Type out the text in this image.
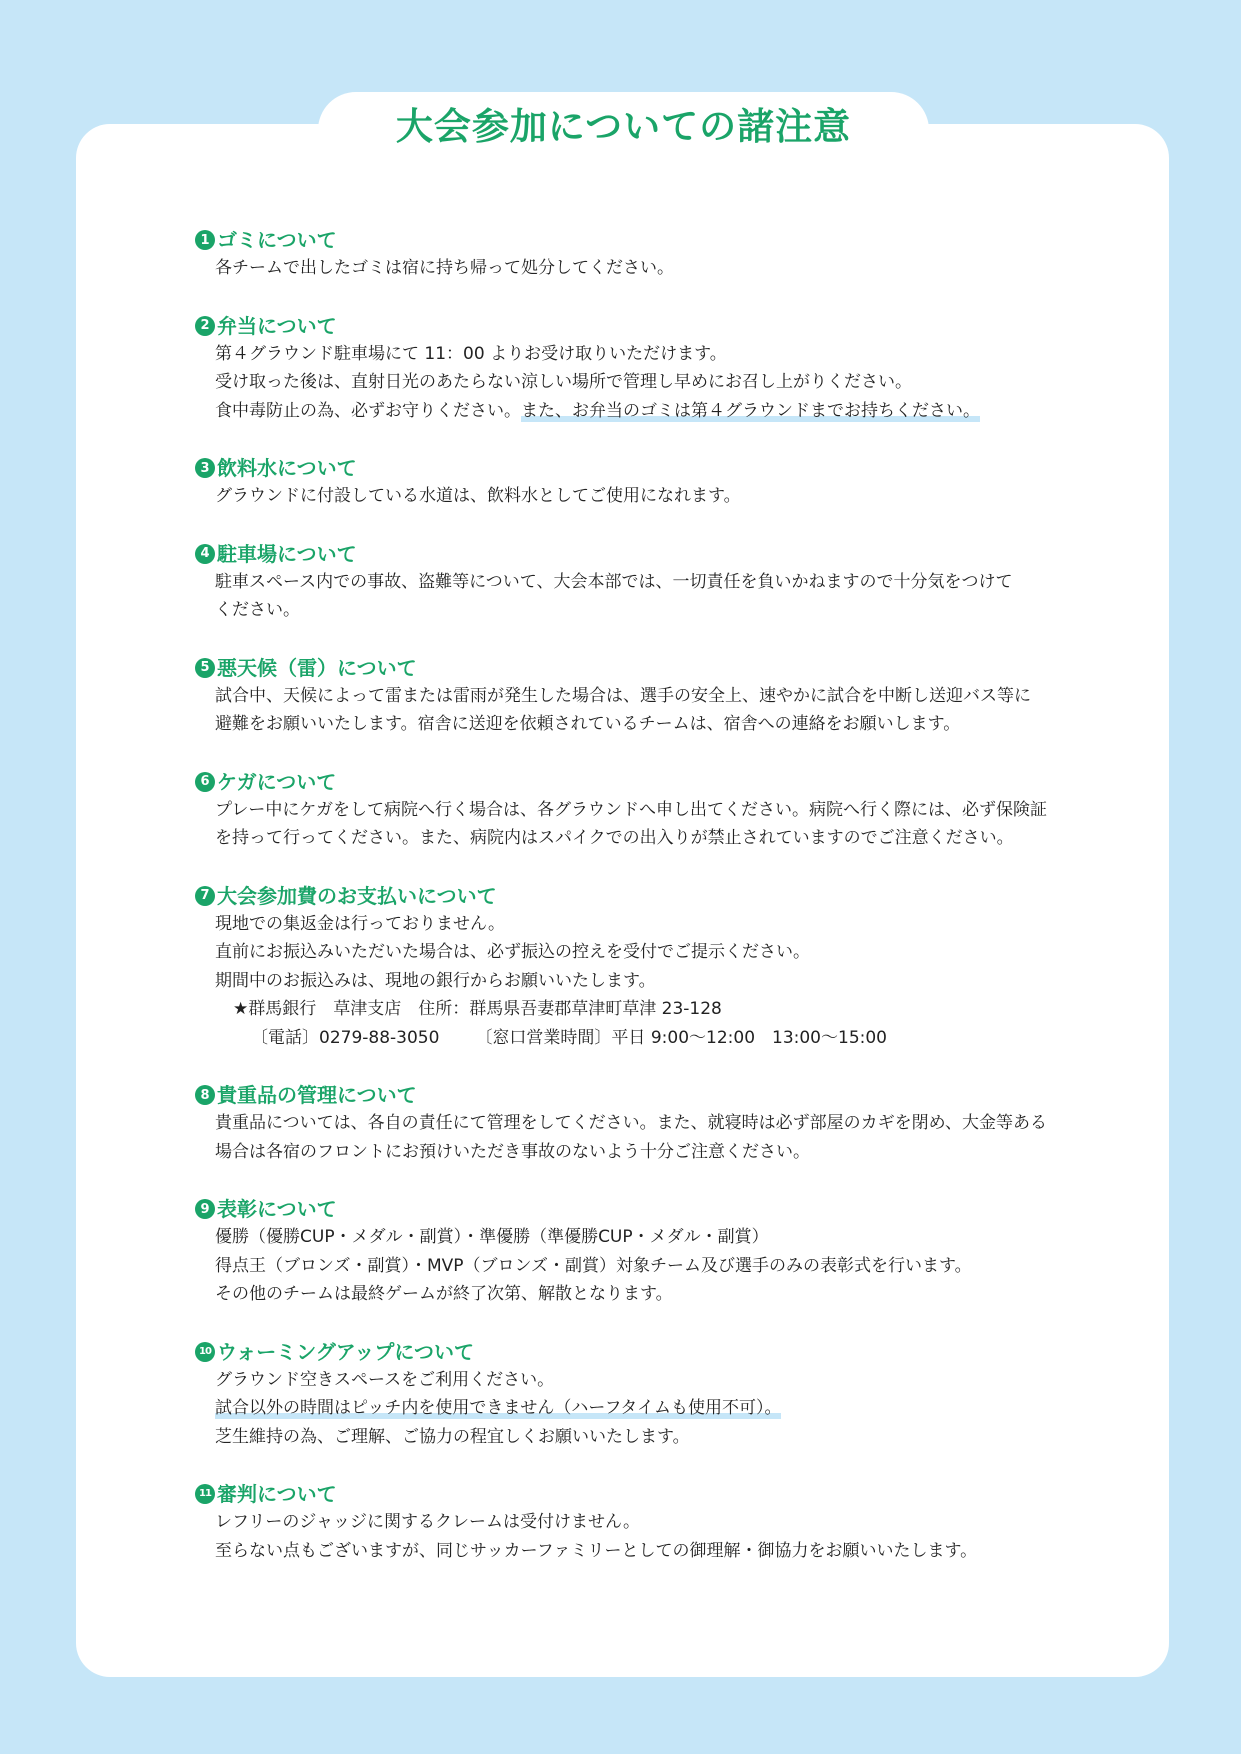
大会参加についての諸注意
1 ゴミについて
各チームで出したゴミは宿に持ち帰って処分してください。
2 弁当について
第４グラウンド駐車場にて 11：00 よりお受け取りいただけます。
受け取った後は、直射日光のあたらない涼しい場所で管理し早めにお召し上がりください。
食中毒防止の為、必ずお守りください。また、お弁当のゴミは第４グラウンドまでお持ちください。
3 飲料水について
グラウンドに付設している水道は、飲料水としてご使用になれます。
4 駐車場について
駐車スペース内での事故、盗難等について、大会本部では、一切責任を負いかねますので十分気をつけて
ください。
5 悪天候（雷）について
試合中、天候によって雷または雷雨が発生した場合は、選手の安全上、速やかに試合を中断し送迎バス等に
避難をお願いいたします。宿舎に送迎を依頼されているチームは、宿舎への連絡をお願いします。
6 ケガについて
プレー中にケガをして病院へ行く場合は、各グラウンドへ申し出てください。病院へ行く際には、必ず保険証
を持って行ってください。また、病院内はスパイクでの出入りが禁止されていますのでご注意ください。
7 大会参加費のお支払いについて
現地での集返金は行っておりません。
直前にお振込みいただいた場合は、必ず振込の控えを受付でご提示ください。
期間中のお振込みは、現地の銀行からお願いいたします。
★群馬銀行　草津支店　住所：群馬県吾妻郡草津町草津 23-128
〔電話〕0279-88-3050 〔窓口営業時間〕平日 9:00～12:00　13:00～15:00
8 貴重品の管理について
貴重品については、各自の責任にて管理をしてください。また、就寝時は必ず部屋のカギを閉め、大金等ある
場合は各宿のフロントにお預けいただき事故のないよう十分ご注意ください。
9 表彰について
優勝（優勝CUP・メダル・副賞）・準優勝（準優勝CUP・メダル・副賞）
得点王（ブロンズ・副賞）・MVP（ブロンズ・副賞）対象チーム及び選手のみの表彰式を行います。
その他のチームは最終ゲームが終了次第、解散となります。
10 ウォーミングアップについて
グラウンド空きスペースをご利用ください。
試合以外の時間はピッチ内を使用できません（ハーフタイムも使用不可）。
芝生維持の為、ご理解、ご協力の程宜しくお願いいたします。
11 審判について
レフリーのジャッジに関するクレームは受付けません。
至らない点もございますが、同じサッカーファミリーとしての御理解・御協力をお願いいたします。
